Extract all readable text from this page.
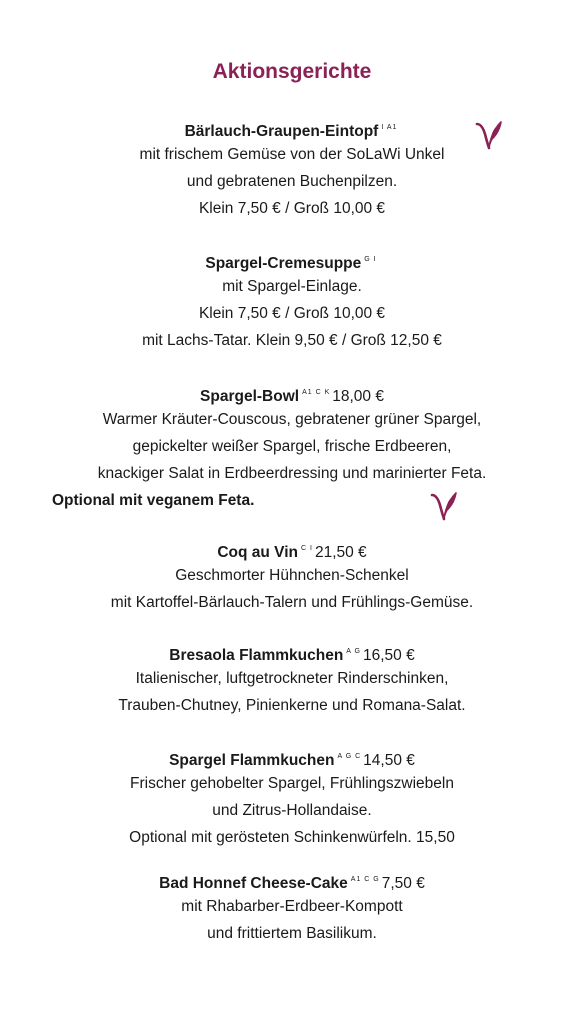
Aktionsgerichte
Bärlauch-Graupen-Eintopf $^{I A1}$
mit frischem Gemüse von der SoLaWi Unkel
und gebratenen Buchenpilzen.
Klein 7,50 € / Groß 10,00 €
Spargel-Cremesuppe $^{G I}$
mit Spargel-Einlage.
Klein 7,50 € / Groß 10,00 €
mit Lachs-Tatar. Klein 9,50 € / Groß 12,50 €
Spargel-Bowl $^{A1 C K}$ 18,00 €
Warmer Kräuter-Couscous, gebratener grüner Spargel,
gepickelter weißer Spargel, frische Erdbeeren,
knackiger Salat in Erdbeerdressing und marinierter Feta.
Optional mit veganem Feta.
Coq au Vin $^{C I}$ 21,50 €
Geschmorter Hühnchen-Schenkel
mit Kartoffel-Bärlauch-Talern und Frühlings-Gemüse.
Bresaola Flammkuchen $^{A G}$ 16,50 €
Italienischer, luftgetrockneter Rinderschinken,
Trauben-Chutney, Pinienkerne und Romana-Salat.
Spargel Flammkuchen $^{A G C}$ 14,50 €
Frischer gehobelter Spargel, Frühlingszwiebeln
und Zitrus-Hollandaise.
Optional mit gerösteten Schinkenwürfeln. 15,50
Bad Honnef Cheese-Cake $^{A1 C G}$ 7,50 €
mit Rhabarber-Erdbeer-Kompott
und frittiertem Basilikum.
